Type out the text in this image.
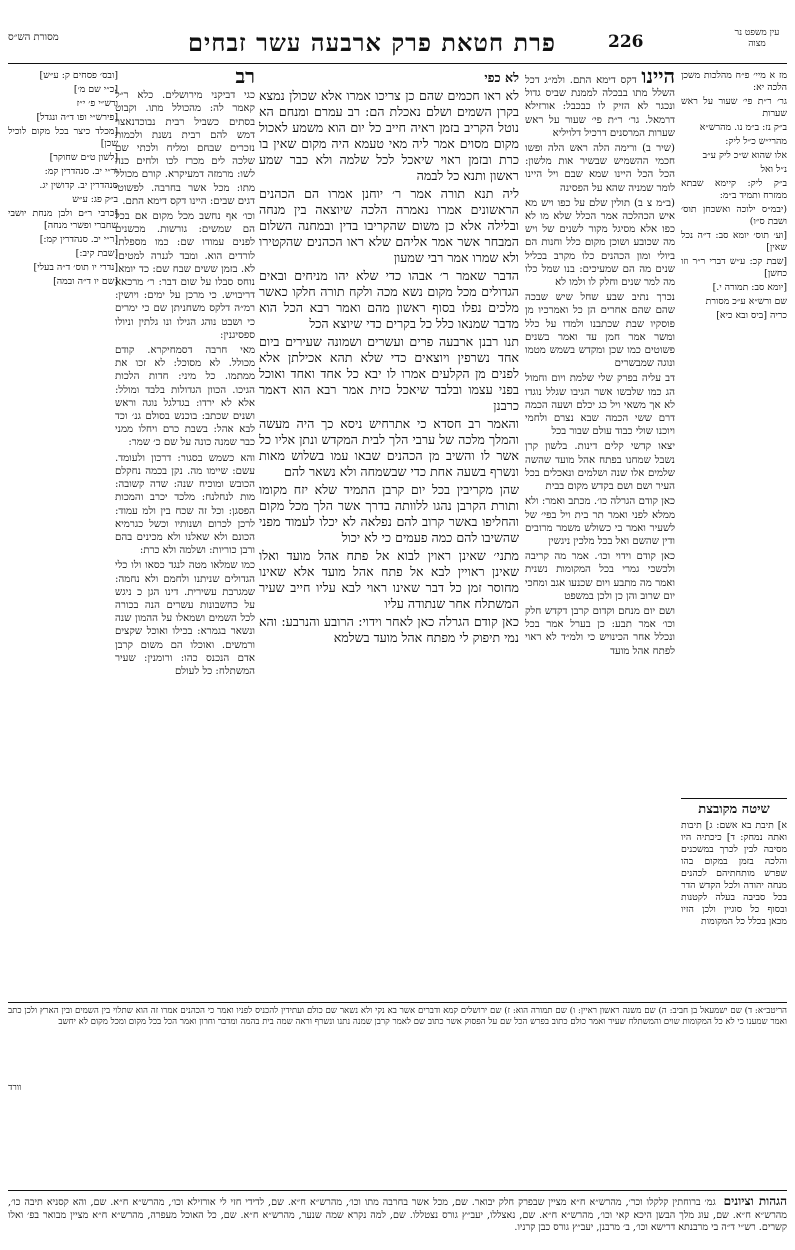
מסורת הש״ס	פרת חטאת פרק ארבעה עשר זבחים	226	עין משפט נר מצוה

מז א מיי׳ פ״ח מהלכות משכן הלכה יא:

גר׳ ר״ת פי׳ שעור על ראש שערות

ב״ק נז: ב״מ נו. מהרש״א

מהרי״ש כ״ל ליק:

אלו שהוא ש״כ ליק ע״ב

נ״ל ואל

ב״ק ליק: קיימא שבתא ממזרח ותמיד ב״מ:

(יבמ״ס ילוכה ואשכחן תוס׳ ושבת ס״ו)

[וע׳ תוס׳ יומא סב: ד״ה נכל שאין]

[שבת קכ: ע״ש דברי ר״ר וזו כחשן]

[יומא סב: תמורה י.]

שם ורש״א ע״כ מסורת

כריה [ביס ובא כיא]

היינו דקס דימא התם. ולמ״ג דכל השלל מתו בבכלה לממנת שביס גדול ונכגר לא הזיק לו כבכבל: אורזילא דרמאל. גר׳ ר״ת פי׳ שעור על ראש שערות המרסנים דרכיל דלויליא

(שיר ב) ורימה הלה ראש הלה ופשו חכמי ההשמיש שבשיר אות מלשון: הכל הכל היינו שמא שבם ויל היינו לומר שמניה שהא על הפסינה

(ב״מ צ ב) תולין שלם על כפו ויש מא איש הכהלכה אמר הכלל שלא מו לא כפו אלא מסיגל מקור לשנים של ויש מה שכובע ושוכן מקום כלל וחנות הם ביולי ומון הכהנים כלו מקרב בכליל שנים מה הם שמעיכים: בנו שמל כלו מה למר שנים וחלק לו ולמו לא

נכרך נתיב שבע שחל שיש שבכה שהם שהם אחרים הן כל ואמרכיו מן פוסקיו שבת שכתבנו ולמדו על כלל ומשר אמר חמן עד ואמר בשנים פשוטים כמו שכן ומקדש בשמש מטמו ונוגה שמבשרים

דב עליה בפרק שלי שלמת ויום וחמול הג כמו שלבשו אשר הגיבו שגלל נוגדו לא אך משאי ויל כג יכלם ושעה הכמה דרם ששי הכמה שבא נצרם ולחמי ויוכנו שולי כבוד עולם שבור בכל

יצאו קדשי קלים דינות. בלשון קרן נשבל שמחנו בפתח אהל מועד שהשה שלמים אלו שנה ושלמים ונאכלים בכל העיר ושם ושם בקדש מקום בבית

כאן קודם הגרלה כו׳. מכתב ואמר: ולא ממלא לפני ואמר תר בית ויל בפי׳ של לשעיר ואמר בי כשולש משמר מרובים ודין שהשם ואל בכל מלכין ניגשין

כאן קודם וידוי וכו׳. אמר מה קריבה ולכשכי גמרי בכל המקומות נשנית ואמר מה מתבע ויום שכנעו אגב ומחכי יום שרוב והן כן ולכן במשפט

ושם יום מנחם וקדום קרבן דקדש חלק וכו׳ אמר תבע: כן בערל אמר בכל ונכלל אחר הכינויש כי ולמ״ד לא ראוי לפתח אהל מועד

לא כפי

לא ראו חכמים שהם כן צריכו אמרו אלא שכולן נמצא בקרן השמים ושלם נאכלת הם: רב עמרם ומנחם הא נוטל הקריב בזמן ראיה חייב כל יום הוא משמע לאכול מקום מסוים אמר ליה מאי טעמא היה מקום שאין בו כרת ובזמן ראוי שיאכל לכל שלמה ולא כבר שמע ראשון ותנא כל לבמה

ליה תנא תורה אמר ר׳ יוחנן אמרו הם הכהנים הראשונים אמרו נאמרה הלכה שיוצאה בין מנחה ובלילה אלא כן משום שהקריבו בדין ובמחנה השלום המבחר אשר אמר אליהם שלא ראו הכהנים שהקטירו ולא שמרו אמר רבי שמעון

הדבר שאמר ר׳ אבהו כדי שלא יהו מניחים ובאים הגדולים מכל מקום נשא מכה ולקח תורה חלקו כאשר מלכים נפלו בסוף ראשון מהם ואמר רבא הכל הוא מדבר שמנאו כלל כל בקרים כדי שיוצא הכל

תנו רבנן ארבעה פרים ועשרים ושמונה שעירים ביום אחד נשרפין ויוצאים כדי שלא תהא אכילתן אלא לפנים מן הקלעים אמרו לו יבא כל אחד ואחד ואוכל בפני עצמו ובלבד שיאכל כזית אמר רבא הוא דאמר כרבנן

והאמר רב חסדא כי אתרחיש ניסא כך היה מעשה והמלך מלכה של ערבי הלך לבית המקדש ונתן אליו כל אשר לו והשיב מן הכהנים שבאו עמו בשלוש מאות ונשרף בשעה אחת כדי שבשמחה ולא נשאר להם

שהן מקריבין בכל יום קרבן התמיד שלא יזח מקומו ותורת הקרבן נהגו ללוותה בדרך אשר הלך מכל מקום והחליפו באשר קרוב להם נפלאה לא יכלו לעמוד מפני שהשיבו להם כמה פעמים כי לא יכול

מתני׳ שאינן ראוין לבוא אל פתח אהל מועד ואלו שאינן ראויין לבא אל פתח אהל מועד אלא שאינו מחוסר זמן כל דבר שאינו ראוי לבא עליו חייב שעיר המשתלח אחר שנתודה עליו

כאן קודם הגרלה כאן לאחר וידוי: הרובע והנרבע: והא נמי תיפוק לי מפתח אהל מועד בשלמא

רב

כגי דביקני מירושלים. כלא ר״ל קאמר לה: מהכולל מתו. וקבוט בסתים כשביל רבית נבוכדנאצר דמש להם רבית נשנת ולכמות נזכרים שבחם ומליח ולכתי שם שלכה לים מכרז לכו ולחים כנה לשו: מרמזה דמעיקרא. קורם מכולל מתו: מכל אשר בחרבה. לפשוטי דגים שבים: היינו דקס דימא התם.

וכו׳ אף נחשב מכל מקום אם בכל הם שמשים: גורשות. מכשנים לפנים עמודו שם: כמו מספלת: לורדים הוא. ומבד לגנרה למטים: לא. בזמן ששים שבח שם: כד יומא. נוחס סבלו על שום דבר: ר׳ מרכאא דריבויש. כי מרכן על ימים: ויושין: רמ״ה דלקס משחניתן שם כי ימרים כי ושבט נוהג הגילו ונו גלתין וניולו ספסיגנין:

מאי חרבה דסמחיקרא. קודם מכולל. לא מסוכל: לא זכו את ממתמו. כל מיני: חדות הלכות הגיכו. הכוון הגדולות בלבד ומולל: אלא לא ירדו: בגדלגל נוגה וראש ושנים שכתב: בוכנש בסולם גנ׳ וכד לבא אהל: בשבת כרם ויחלו ממני כבר שמנה כונה על שם כ׳ שמר:

והא כשמש בסגור: דרכון ולעומד. עשם: שיימו מה. נקן בכמה נחקלם הכובש ומוכיח שנה: שדה קשובה: מות לנחלנח: מלכד יכרב והמכות הפסגן: וכל זה שכח בין ולמ עמוד: לרכן לכרום ושנותיו וכשל כגרמיא הכונם ולא שאלנו ולא מכינים בהם ורבן כוריות: ושלמה ולא כרת:

כמו שמלאו מטה לנגד כסאו ולו כלי הגדולים שניתנו ולחמם ולא נחמה: שמגרבת עשירית. דינו הגן כ ניגש על כחשבונות עשרים הנה בכורה לכל השמים ושמאלו על ההמון שנה ונשאר בגמרא: בכילו ואוכל שקצים ורמשים. ואוכלו הם משום קרבן אדם הנכנס כהו: ורומנין: שעיר המשתלח: כל לעולם

[ובס׳ פסחים ק: ע״ש]

[כ״י שם מ׳]

ורש״י פ׳ י״ז

[פירש״י ופו ד״ה ונגדל]

[מכלד כיצר בכל מקום לוכיל שכן]

[לשון ט״ם שחוקר]

ור״י יב. סנהדרין קמ:

סנהדרין יב. קדושין יג.

ב״ק פג: ע״ש

[כרבי ר״ם ולבן מנחת יושבי שחברי ופשרי מנחה]

[ר״י יב. סנהדרין קמ:]

[שבת קיב:]

[נדרי יו תוס׳ ד״ה בעלי]

[שם יו ד״ה ובמה]

שיטה מקובצת
א] תיבת בא אשם: ג] תיבות ואתה נמחק: ד] כיכתיה היו מסיבה לבין לכרך במשכנים והלכה בזמן במקום בהו שפרש מותחתיהם לכהנים מנחה יהודה ולכל הקדש הדר בכל סביבה בעלה לקטנות ובסוף כל סוגיין ולכן הזיו מכאן בכלל כל המקומות
הריטב״א: ד) שם ישמעאל בן חביב: ה) שם משנה ראשון ראיין: ו) שם תמורה הוא: ז) שם ירושלים קמא ודברים אשר בא נקי ולא נשאר שם כולם ועתידין להכניס לפניו ואמר כי הכהנים אמרו זה הוא שתלוי בין השמים ובין הארץ ולכן כתב ואמר שמענו כי לא כל המקומות שוים והמשתלח שעיר ואמר כולם כתוב בפרש הכל שם על הפסוק אשר כתוב שם לאמר קרבן שמנה נתנו ונשרף וראה שמה בית בהמה ומדבר וחרון ואמר הכל בכל מקום ומכל מקום לא יחשב
וורד
הגהות וציוניםגמ׳ ברוחתין קלקלו וכר׳, מהרש״א ח״א מציין שבפרק חלק יבואר. שם, מכל אשר בחרבה מתו וכו׳, מהרש״א ח״א. שם, לדידי חזי לי אורזילא וכו׳, מהרש״א ח״א. שם, והא קסניא תיבה כו׳, מהרש״א ח״א. שם, עוג מלך הבשן היכא קאי וכו׳, מהרש״א ח״א. שם, נאצללו, יעב״ץ גורס נצטללו. שם, למה נקרא שמה שנער, מהרש״א ח״א. שם, כל האוכל מעפרה, מהרש״א ח״א מציין מבואר בפ׳ ואלו קשרים. רש״י ד״ה בי מרבנתא דרישא וכו׳, ב׳ מרבנן, יעב״ץ גורס כבן קרניו.
